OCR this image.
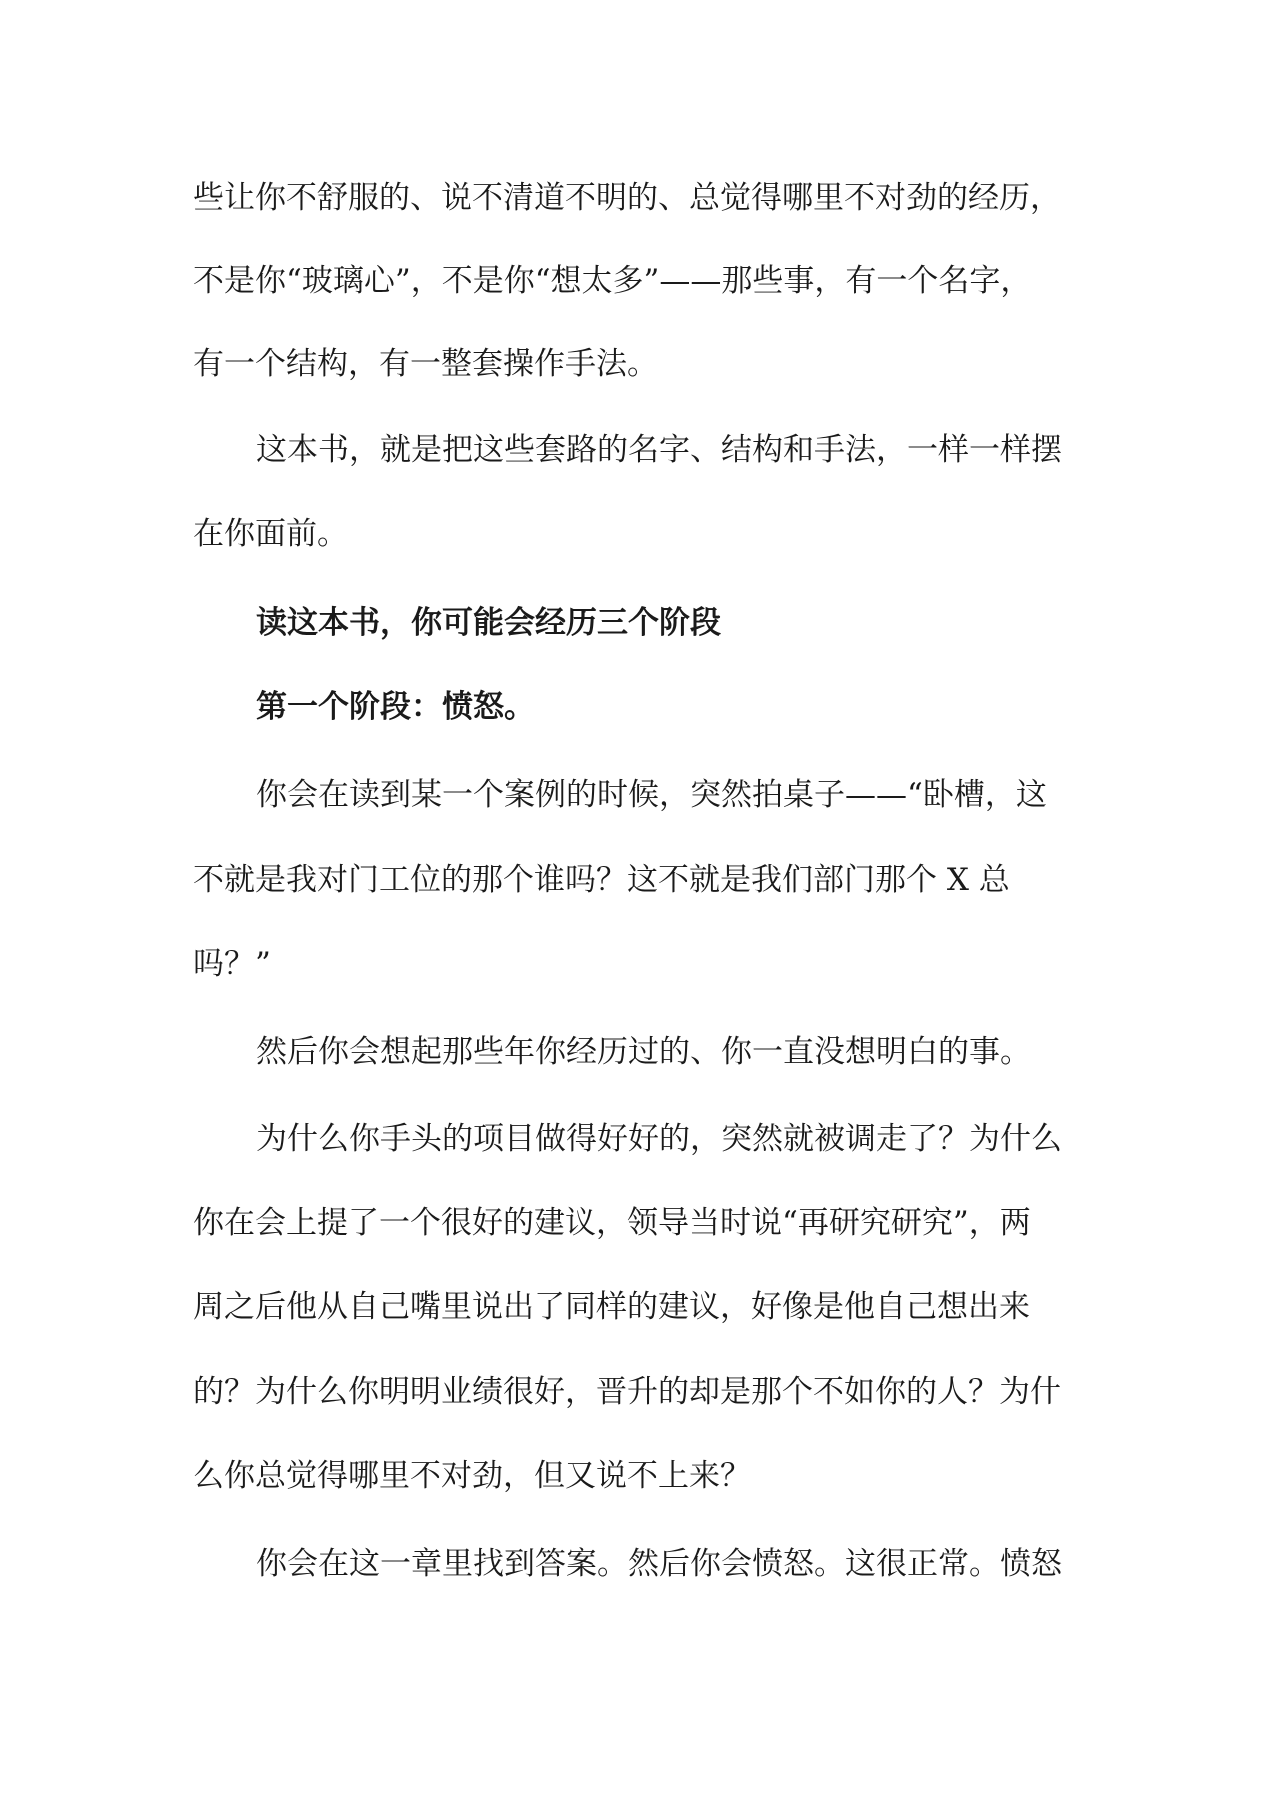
些让你不舒服的、说不清道不明的、总觉得哪里不对劲的经历，
不是你“玻璃心”，不是你“想太多”——那些事，有一个名字，
有一个结构，有一整套操作手法。
这本书，就是把这些套路的名字、结构和手法，一样一样摆
在你面前。
读这本书，你可能会经历三个阶段
第一个阶段：愤怒。
你会在读到某一个案例的时候，突然拍桌子——“卧槽，这
不就是我对门工位的那个谁吗？这不就是我们部门那个 X 总
吗？”
然后你会想起那些年你经历过的、你一直没想明白的事。
为什么你手头的项目做得好好的，突然就被调走了？为什么
你在会上提了一个很好的建议，领导当时说“再研究研究”，两
周之后他从自己嘴里说出了同样的建议，好像是他自己想出来
的？为什么你明明业绩很好，晋升的却是那个不如你的人？为什
么你总觉得哪里不对劲，但又说不上来？
你会在这一章里找到答案。然后你会愤怒。这很正常。愤怒
